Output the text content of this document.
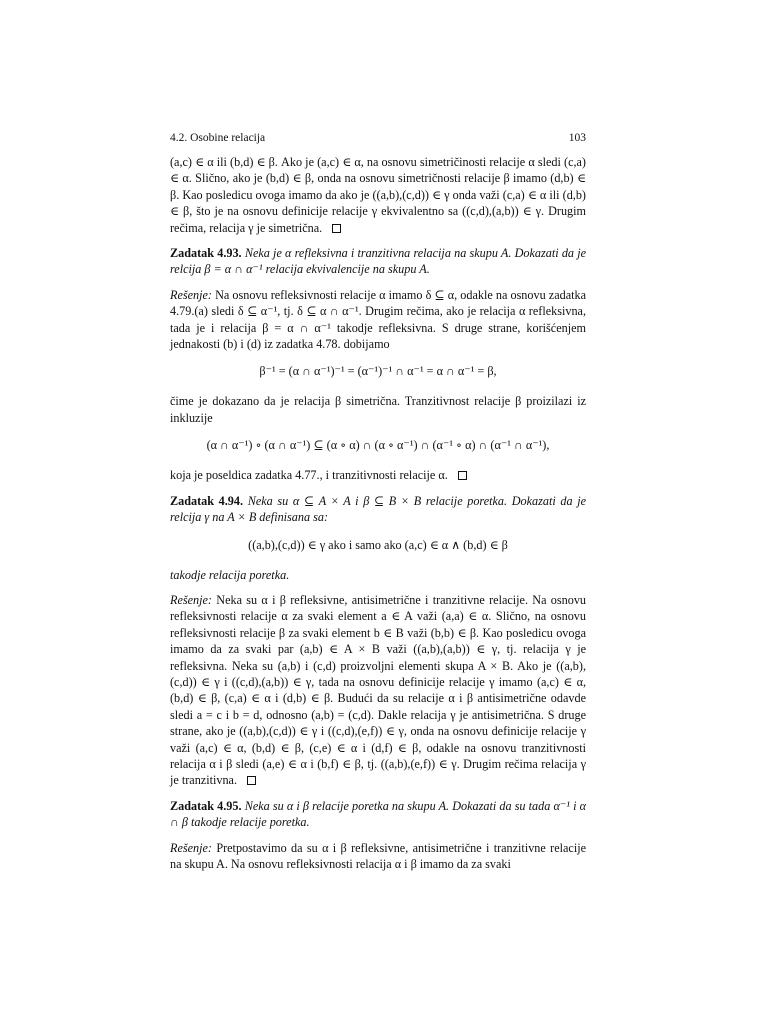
4.2. Osobine relacija	103

(a,c) ∈ α ili (b,d) ∈ β. Ako je (a,c) ∈ α, na osnovu simetričinosti relacije α sledi (c,a) ∈ α. Slično, ako je (b,d) ∈ β, onda na osnovu simetričnosti relacije β imamo (d,b) ∈ β. Kao posledicu ovoga imamo da ako je ((a,b),(c,d)) ∈ γ onda važi (c,a) ∈ α ili (d,b) ∈ β, što je na osnovu definicije relacije γ ekvivalentno sa ((c,d),(a,b)) ∈ γ. Drugim rečima, relacija γ je simetrična.

Zadatak 4.93. Neka je α refleksivna i tranzitivna relacija na skupu A. Dokazati da je relcija β = α ∩ α⁻¹ relacija ekvivalencije na skupu A.

Rešenje: Na osnovu refleksivnosti relacije α imamo δ ⊆ α, odakle na osnovu zadatka 4.79.(a) sledi δ ⊆ α⁻¹, tj. δ ⊆ α ∩ α⁻¹. Drugim rečima, ako je relacija α refleksivna, tada je i relacija β = α ∩ α⁻¹ takodje refleksivna. S druge strane, korišćenjem jednakosti (b) i (d) iz zadatka 4.78. dobijamo

β⁻¹ = (α ∩ α⁻¹)⁻¹ = (α⁻¹)⁻¹ ∩ α⁻¹ = α ∩ α⁻¹ = β,

čime je dokazano da je relacija β simetrična. Tranzitivnost relacije β proizilazi iz inkluzije

(α ∩ α⁻¹) ∘ (α ∩ α⁻¹) ⊆ (α ∘ α) ∩ (α ∘ α⁻¹) ∩ (α⁻¹ ∘ α) ∩ (α⁻¹ ∩ α⁻¹),

koja je poseldica zadatka 4.77., i tranzitivnosti relacije α.

Zadatak 4.94. Neka su α ⊆ A × A i β ⊆ B × B relacije poretka. Dokazati da je relcija γ na A × B definisana sa:

((a,b),(c,d)) ∈ γ ako i samo ako (a,c) ∈ α ∧ (b,d) ∈ β

takodje relacija poretka.

Rešenje: Neka su α i β refleksivne, antisimetrične i tranzitivne relacije. Na osnovu refleksivnosti relacije α za svaki element a ∈ A važi (a,a) ∈ α. Slično, na osnovu refleksivnosti relacije β za svaki element b ∈ B važi (b,b) ∈ β. Kao posledicu ovoga imamo da za svaki par (a,b) ∈ A × B važi ((a,b),(a,b)) ∈ γ, tj. relacija γ je refleksivna. Neka su (a,b) i (c,d) proizvoljni elementi skupa A × B. Ako je ((a,b),(c,d)) ∈ γ i ((c,d),(a,b)) ∈ γ, tada na osnovu definicije relacije γ imamo (a,c) ∈ α, (b,d) ∈ β, (c,a) ∈ α i (d,b) ∈ β. Budući da su relacije α i β antisimetrične odavde sledi a = c i b = d, odnosno (a,b) = (c,d). Dakle relacija γ je antisimetrična. S druge strane, ako je ((a,b),(c,d)) ∈ γ i ((c,d),(e,f)) ∈ γ, onda na osnovu definicije relacije γ važi (a,c) ∈ α, (b,d) ∈ β, (c,e) ∈ α i (d,f) ∈ β, odakle na osnovu tranzitivnosti relacija α i β sledi (a,e) ∈ α i (b,f) ∈ β, tj. ((a,b),(e,f)) ∈ γ. Drugim rečima relacija γ je tranzitivna.

Zadatak 4.95. Neka su α i β relacije poretka na skupu A. Dokazati da su tada α⁻¹ i α ∩ β takodje relacije poretka.

Rešenje: Pretpostavimo da su α i β refleksivne, antisimetrične i tranzitivne relacije na skupu A. Na osnovu refleksivnosti relacija α i β imamo da za svaki
